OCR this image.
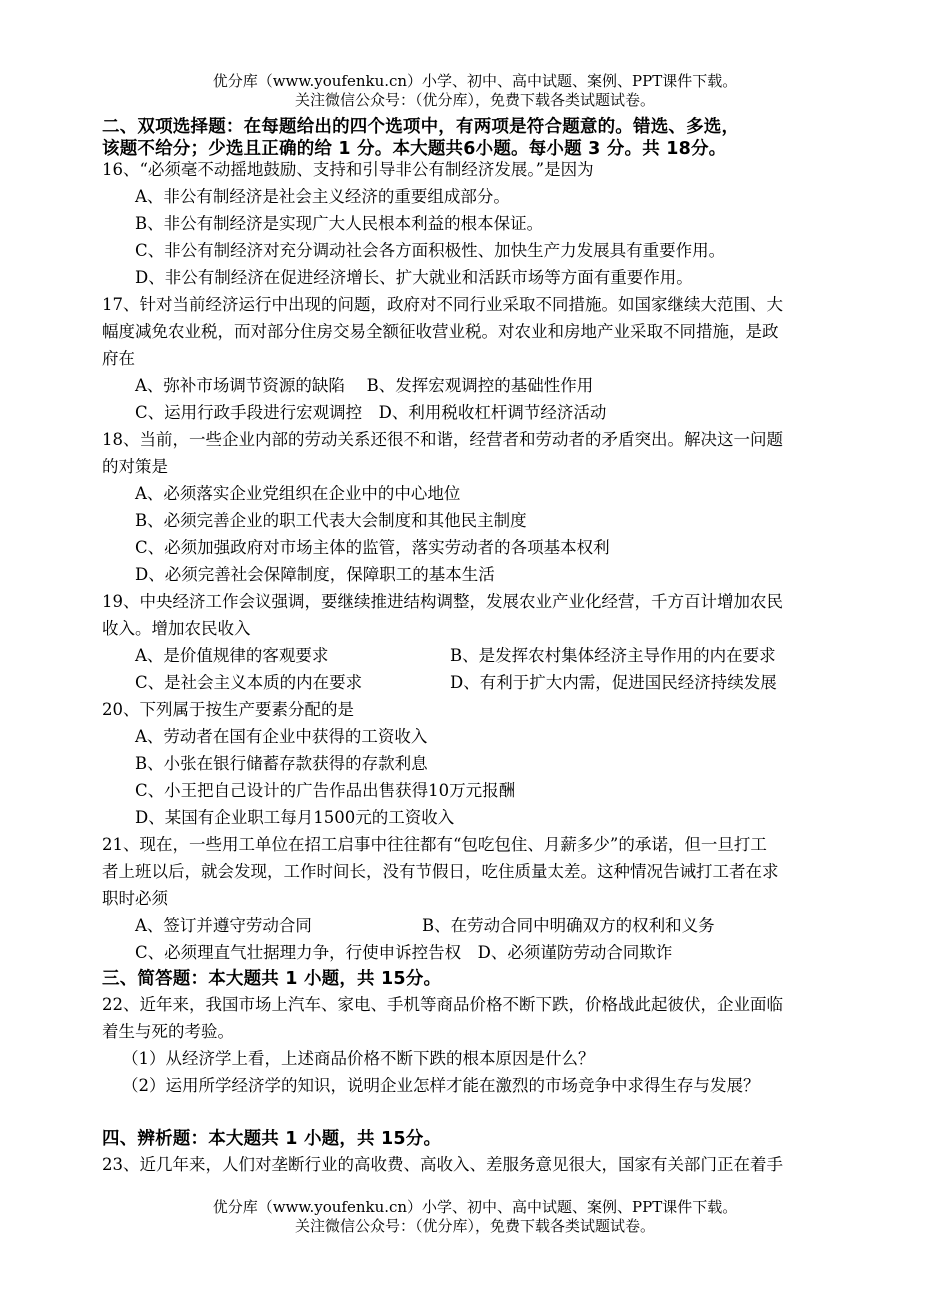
优分库（www.youfenku.cn）小学、初中、高中试题、案例、PPT课件下载。
关注微信公众号：（优分库），免费下载各类试题试卷。
二、双项选择题：在每题给出的四个选项中，有两项是符合题意的。错选、多选，
该题不给分；少选且正确的给 1 分。本大题共6小题。每小题 3 分。共 18分。
16、“必须毫不动摇地鼓励、支持和引导非公有制经济发展。”是因为
A、非公有制经济是社会主义经济的重要组成部分。
B、非公有制经济是实现广大人民根本利益的根本保证。
C、非公有制经济对充分调动社会各方面积极性、加快生产力发展具有重要作用。
D、非公有制经济在促进经济增长、扩大就业和活跃市场等方面有重要作用。
17、针对当前经济运行中出现的问题，政府对不同行业采取不同措施。如国家继续大范围、大
幅度减免农业税，而对部分住房交易全额征收营业税。对农业和房地产业采取不同措施，是政
府在
A、弥补市场调节资源的缺陷　 B、发挥宏观调控的基础性作用
C、运用行政手段进行宏观调控　D、利用税收杠杆调节经济活动
18、当前，一些企业内部的劳动关系还很不和谐，经营者和劳动者的矛盾突出。解决这一问题
的对策是
A、必须落实企业党组织在企业中的中心地位
B、必须完善企业的职工代表大会制度和其他民主制度
C、必须加强政府对市场主体的监管，落实劳动者的各项基本权利
D、必须完善社会保障制度，保障职工的基本生活
19、中央经济工作会议强调，要继续推进结构调整，发展农业产业化经营，千方百计增加农民
收入。增加农民收入
A、是价值规律的客观要求	B、是发挥农村集体经济主导作用的内在要求
C、是社会主义本质的内在要求	D、有利于扩大内需，促进国民经济持续发展
20、下列属于按生产要素分配的是
A、劳动者在国有企业中获得的工资收入
B、小张在银行储蓄存款获得的存款利息
C、小王把自己设计的广告作品出售获得10万元报酬
D、某国有企业职工每月1500元的工资收入
21、现在，一些用工单位在招工启事中往往都有“包吃包住、月薪多少”的承诺，但一旦打工
者上班以后，就会发现，工作时间长，没有节假日，吃住质量太差。这种情况告诫打工者在求
职时必须
A、签订并遵守劳动合同	B、在劳动合同中明确双方的权利和义务
C、必须理直气壮据理力争，行使申诉控告权　D、必须谨防劳动合同欺诈
三、简答题：本大题共 1 小题，共 15分。
22、近年来，我国市场上汽车、家电、手机等商品价格不断下跌，价格战此起彼伏，企业面临
着生与死的考验。
（1）从经济学上看，上述商品价格不断下跌的根本原因是什么？
（2）运用所学经济学的知识，说明企业怎样才能在激烈的市场竞争中求得生存与发展？
四、辨析题：本大题共 1 小题，共 15分。
23、近几年来，人们对垄断行业的高收费、高收入、差服务意见很大，国家有关部门正在着手
优分库（www.youfenku.cn）小学、初中、高中试题、案例、PPT课件下载。
关注微信公众号：（优分库），免费下载各类试题试卷。
